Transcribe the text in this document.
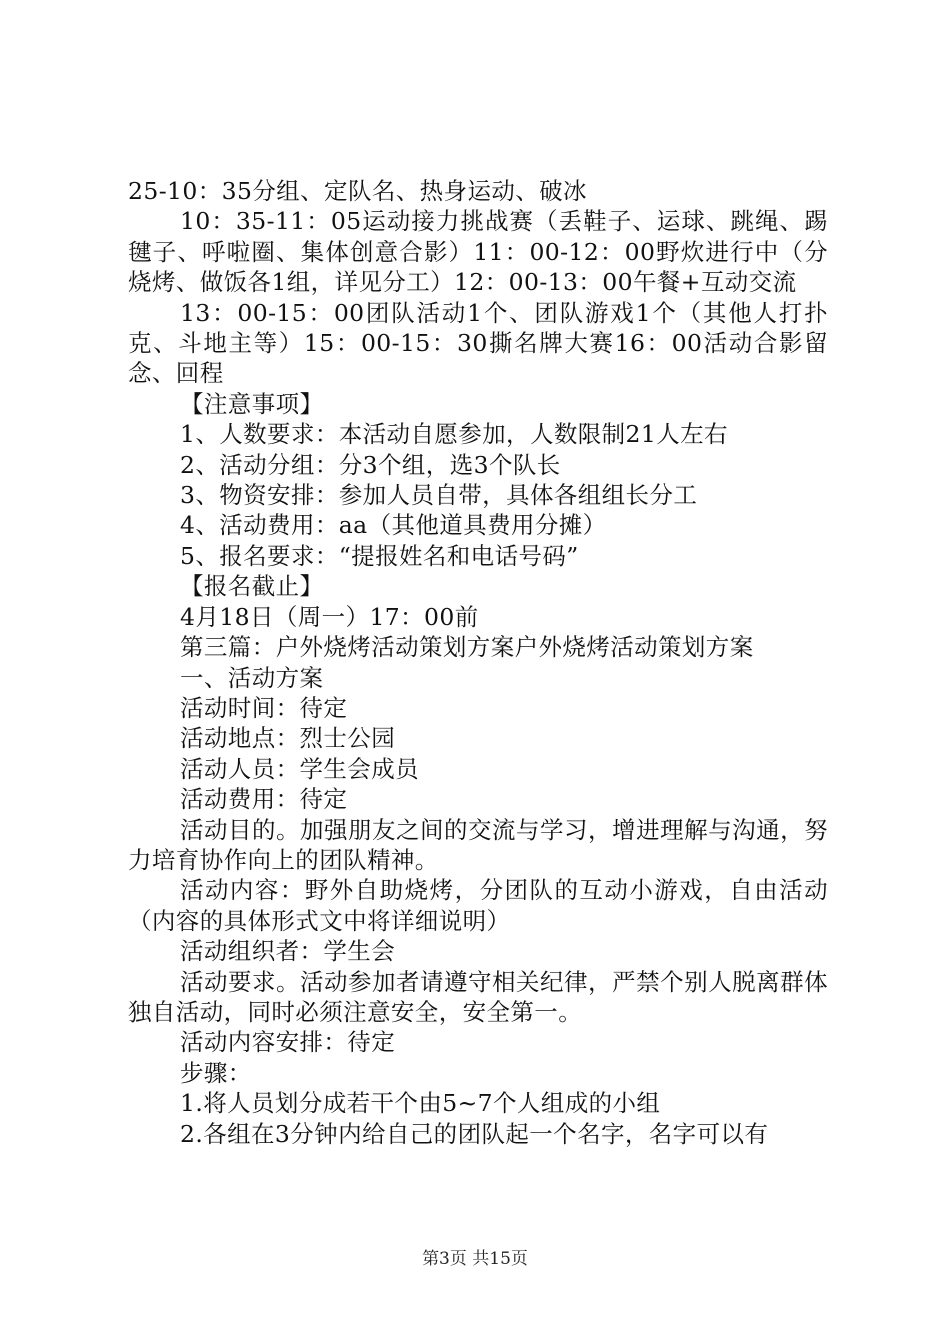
25-10：35分组、定队名、热身运动、破冰

10：35-11：05运动接力挑战赛（丢鞋子、运球、跳绳、踢毽子、呼啦圈、集体创意合影）11：00-12：00野炊进行中（分烧烤、做饭各1组，详见分工）12：00-13：00午餐+互动交流

13：00-15：00团队活动1个、团队游戏1个（其他人打扑克、斗地主等）15：00-15：30撕名牌大赛16：00活动合影留念、回程

【注意事项】

1、人数要求：本活动自愿参加，人数限制21人左右

2、活动分组：分3个组，选3个队长

3、物资安排：参加人员自带，具体各组组长分工

4、活动费用：aa（其他道具费用分摊）

5、报名要求：“提报姓名和电话号码”

【报名截止】

4月18日（周一）17：00前

第三篇：户外烧烤活动策划方案户外烧烤活动策划方案

一、活动方案

活动时间：待定

活动地点：烈士公园

活动人员：学生会成员

活动费用：待定

活动目的。加强朋友之间的交流与学习，增进理解与沟通，努力培育协作向上的团队精神。

活动内容：野外自助烧烤，分团队的互动小游戏，自由活动（内容的具体形式文中将详细说明）

活动组织者：学生会

活动要求。活动参加者请遵守相关纪律，严禁个别人脱离群体独自活动，同时必须注意安全，安全第一。

活动内容安排：待定

步骤：

1.将人员划分成若干个由5~7个人组成的小组

2.各组在3分钟内给自己的团队起一个名字，名字可以有

第3页 共15页
